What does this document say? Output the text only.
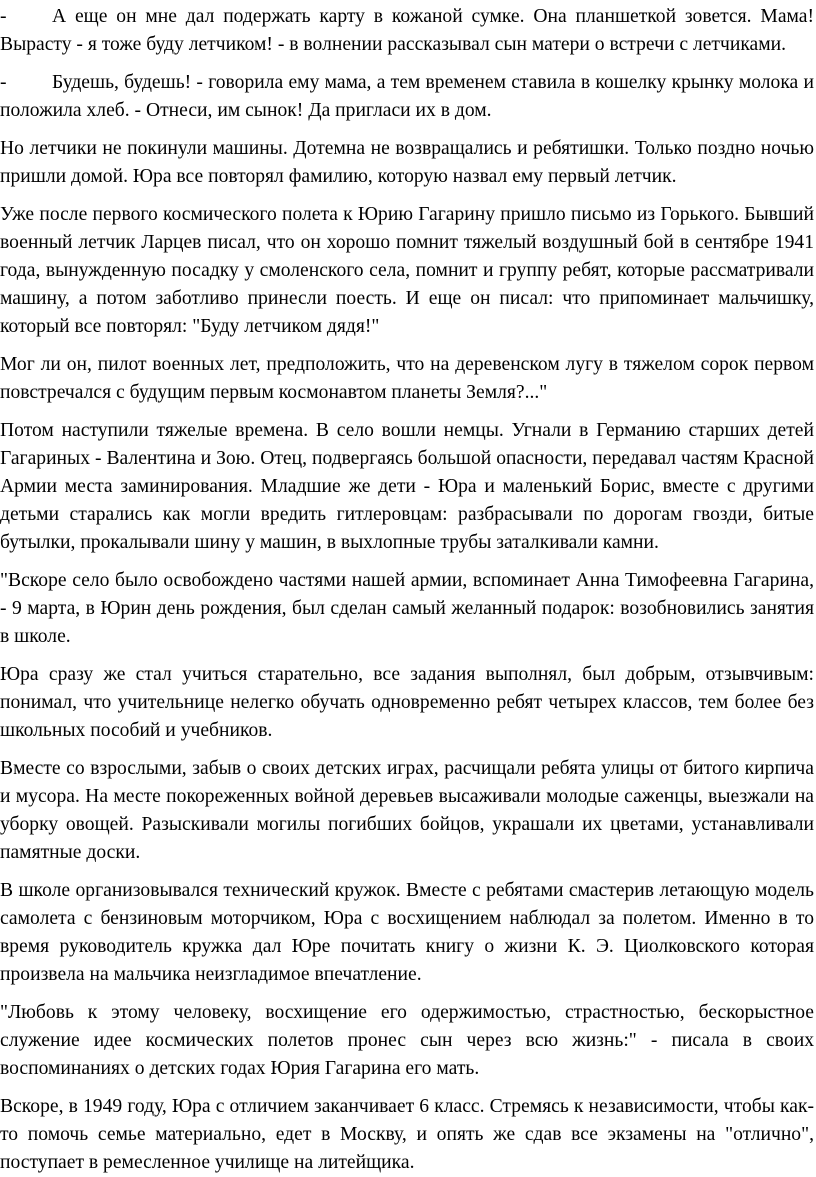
- А еще он мне дал подержать карту в кожаной сумке. Она планшеткой зовется. Мама! Вырасту - я тоже буду летчиком! - в волнении рассказывал сын матери о встречи с летчиками.

- Будешь, будешь! - говорила ему мама, а тем временем ставила в кошелку крынку молока и положила хлеб. - Отнеси, им сынок! Да пригласи их в дом.

Но летчики не покинули машины. Дотемна не возвращались и ребятишки. Только поздно ночью пришли домой. Юра все повторял фамилию, которую назвал ему первый летчик.

Уже после первого космического полета к Юрию Гагарину пришло письмо из Горького. Бывший военный летчик Ларцев писал, что он хорошо помнит тяжелый воздушный бой в сентябре 1941 года, вынужденную посадку у смоленского села, помнит и группу ребят, которые рассматривали машину, а потом заботливо принесли поесть. И еще он писал: что припоминает мальчишку, который все повторял: "Буду летчиком дядя!"

Мог ли он, пилот военных лет, предположить, что на деревенском лугу в тяжелом сорок первом повстречался с будущим первым космонавтом планеты Земля?..."

Потом наступили тяжелые времена. В село вошли немцы. Угнали в Германию старших детей Гагариных - Валентина и Зою. Отец, подвергаясь большой опасности, передавал частям Красной Армии места заминирования. Младшие же дети - Юра и маленький Борис, вместе с другими детьми старались как могли вредить гитлеровцам: разбрасывали по дорогам гвозди, битые бутылки, прокалывали шину у машин, в выхлопные трубы заталкивали камни.

"Вскоре село было освобождено частями нашей армии, вспоминает Анна Тимофеевна Гагарина, - 9 марта, в Юрин день рождения, был сделан самый желанный подарок: возобновились занятия в школе.

Юра сразу же стал учиться старательно, все задания выполнял, был добрым, отзывчивым: понимал, что учительнице нелегко обучать одновременно ребят четырех классов, тем более без школьных пособий и учебников.

Вместе со взрослыми, забыв о своих детских играх, расчищали ребята улицы от битого кирпича и мусора. На месте покореженных войной деревьев высаживали молодые саженцы, выезжали на уборку овощей. Разыскивали могилы погибших бойцов, украшали их цветами, устанавливали памятные доски.

В школе организовывался технический кружок. Вместе с ребятами смастерив летающую модель самолета с бензиновым моторчиком, Юра с восхищением наблюдал за полетом. Именно в то время руководитель кружка дал Юре почитать книгу о жизни К. Э. Циолковского которая произвела на мальчика неизгладимое впечатление.

"Любовь к этому человеку, восхищение его одержимостью, страстностью, бескорыстное служение идее космических полетов пронес сын через всю жизнь:" - писала в своих воспоминаниях о детских годах Юрия Гагарина его мать.

Вскоре, в 1949 году, Юра с отличием заканчивает 6 класс. Стремясь к независимости, чтобы как-то помочь семье материально, едет в Москву, и опять же сдав все экзамены на "отлично", поступает в ремесленное училище на литейщика.
